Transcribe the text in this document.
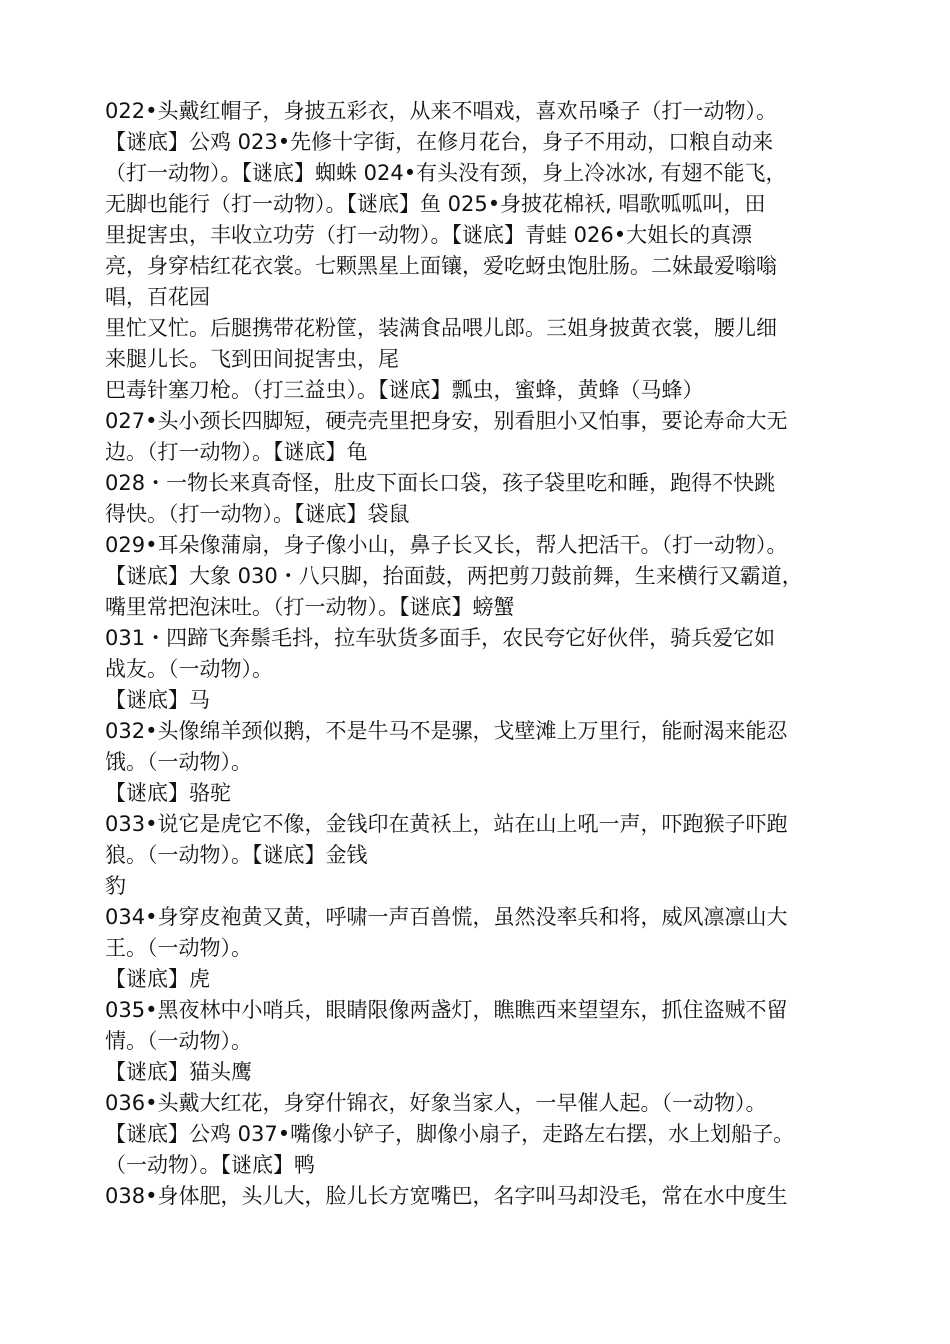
022•头戴红帽子，身披五彩衣，从来不唱戏，喜欢吊嗓子（打一动物）。
【谜底】公鸡 023•先修十字街，在修月花台，身子不用动，口粮自动来
（打一动物）。【谜底】蜘蛛 024•有头没有颈，身上冷冰冰, 有翅不能飞，
无脚也能行（打一动物）。【谜底】鱼 025•身披花棉袄, 唱歌呱呱叫，田
里捉害虫，丰收立功劳（打一动物）。【谜底】青蛙 026•大姐长的真漂
亮，身穿桔红花衣裳。七颗黑星上面镶，爱吃蚜虫饱肚肠。二妹最爱嗡嗡
唱，百花园
里忙又忙。后腿携带花粉筐，装满食品喂儿郎。三姐身披黄衣裳，腰儿细
来腿儿长。飞到田间捉害虫，尾
巴毒针塞刀枪。（打三益虫）。【谜底】瓢虫，蜜蜂，黄蜂（马蜂）
027•头小颈长四脚短，硬壳壳里把身安，别看胆小又怕事，要论寿命大无
边。（打一动物）。【谜底】龟
028・一物长来真奇怪，肚皮下面长口袋，孩子袋里吃和睡，跑得不快跳
得快。（打一动物）。【谜底】袋鼠
029•耳朵像蒲扇，身子像小山，鼻子长又长，帮人把活干。（打一动物）。
【谜底】大象 030・八只脚，抬面鼓，两把剪刀鼓前舞，生来横行又霸道，
嘴里常把泡沫吐。（打一动物）。【谜底】螃蟹
031・四蹄飞奔鬃毛抖，拉车驮货多面手，农民夸它好伙伴，骑兵爱它如
战友。（一动物）。
【谜底】马
032•头像绵羊颈似鹅，不是牛马不是骡，戈壁滩上万里行，能耐渴来能忍
饿。（一动物）。
【谜底】骆驼
033•说它是虎它不像，金钱印在黄袄上，站在山上吼一声，吓跑猴子吓跑
狼。（一动物）。【谜底】金钱
豹
034•身穿皮袍黄又黄，呼啸一声百兽慌，虽然没率兵和将，威风凛凛山大
王。（一动物）。
【谜底】虎
035•黑夜林中小哨兵，眼睛限像两盏灯，瞧瞧西来望望东，抓住盗贼不留
情。（一动物）。
【谜底】猫头鹰
036•头戴大红花，身穿什锦衣，好象当家人，一早催人起。（一动物）。
【谜底】公鸡 037•嘴像小铲子，脚像小扇子，走路左右摆，水上划船子。
（一动物）。【谜底】鸭
038•身体肥，头儿大，脸儿长方宽嘴巴，名字叫马却没毛，常在水中度生
